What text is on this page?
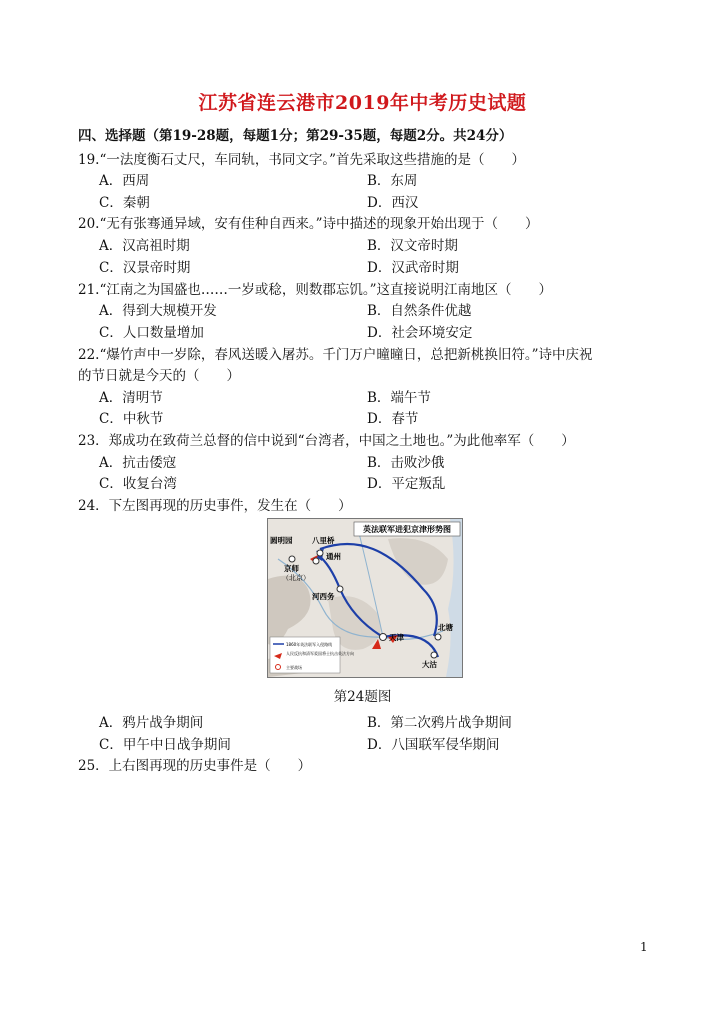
江苏省连云港市2019年中考历史试题
四、选择题（第19-28题，每题1分；第29-35题，每题2分。共24分）
19.“一法度衡石丈尺，车同轨，书同文字。”首先采取这些措施的是（　　）
A．西周	B．东周
C．秦朝	D．西汉
20.“无有张骞通异域，安有佳种自西来。”诗中描述的现象开始出现于（　　）
A．汉高祖时期	B．汉文帝时期
C．汉景帝时期	D．汉武帝时期
21.“江南之为国盛也……一岁或稔，则数郡忘饥。”这直接说明江南地区（　　）
A．得到大规模开发	B．自然条件优越
C．人口数量增加	D．社会环境安定
22.“爆竹声中一岁除，春风送暖入屠苏。千门万户曈曈日，总把新桃换旧符。”诗中庆祝
的节日就是今天的（　　）
A．清明节	B．端午节
C．中秋节	D．春节
23．郑成功在致荷兰总督的信中说到“台湾者，中国之土地也。”为此他率军（　　）
A．抗击倭寇	B．击败沙俄
C．收复台湾	D．平定叛乱
24．下左图再现的历史事件，发生在（　　）
英法联军进犯京津形势图
圆明园	八里桥
通州
京师
（北京）
河西务
天津
北塘
大沽
1860年英法联军入侵路线
人民反抗和清军爱国将士抗击英法方向
主要战场
第24题图
A．鸦片战争期间	B．第二次鸦片战争期间
C．甲午中日战争期间	D．八国联军侵华期间
25．上右图再现的历史事件是（　　）
1
